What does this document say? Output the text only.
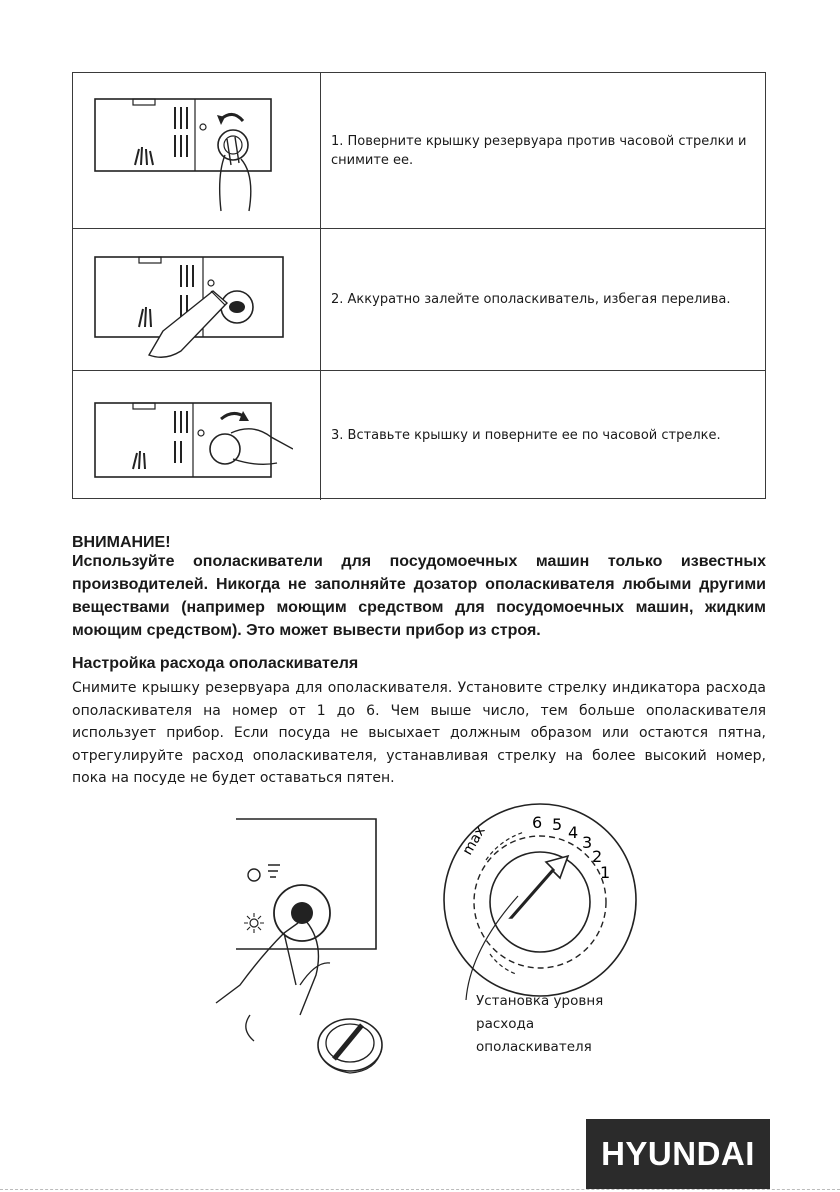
1. Поверните крышку резервуара против часовой стрелки и снимите ее.
2. Аккуратно залейте ополаскиватель, избегая перелива.
3. Вставьте крышку и поверните ее по часовой стрелке.
ВНИМАНИЕ!
Используйте ополаскиватели для посудомоечных машин только известных производителей. Никогда не заполняйте дозатор ополаскивателя любыми другими веществами (например моющим средством для посудомоечных машин, жидким моющим средством). Это может вывести прибор из строя.
Настройка расхода ополаскивателя
Снимите крышку резервуара для ополаскивателя. Установите стрелку индикатора расхода ополаскивателя на номер от 1 до 6. Чем выше число, тем больше ополаскивателя использует прибор. Если посуда не высыхает должным образом или остаются пятна, отрегулируйте расход ополаскивателя, устанавливая стрелку на более высокий номер, пока на посуде не будет оставаться пятен.
max
6 5 4
3
2
1
Установка уровня
расхода
ополаскивателя
HYUNDAI
